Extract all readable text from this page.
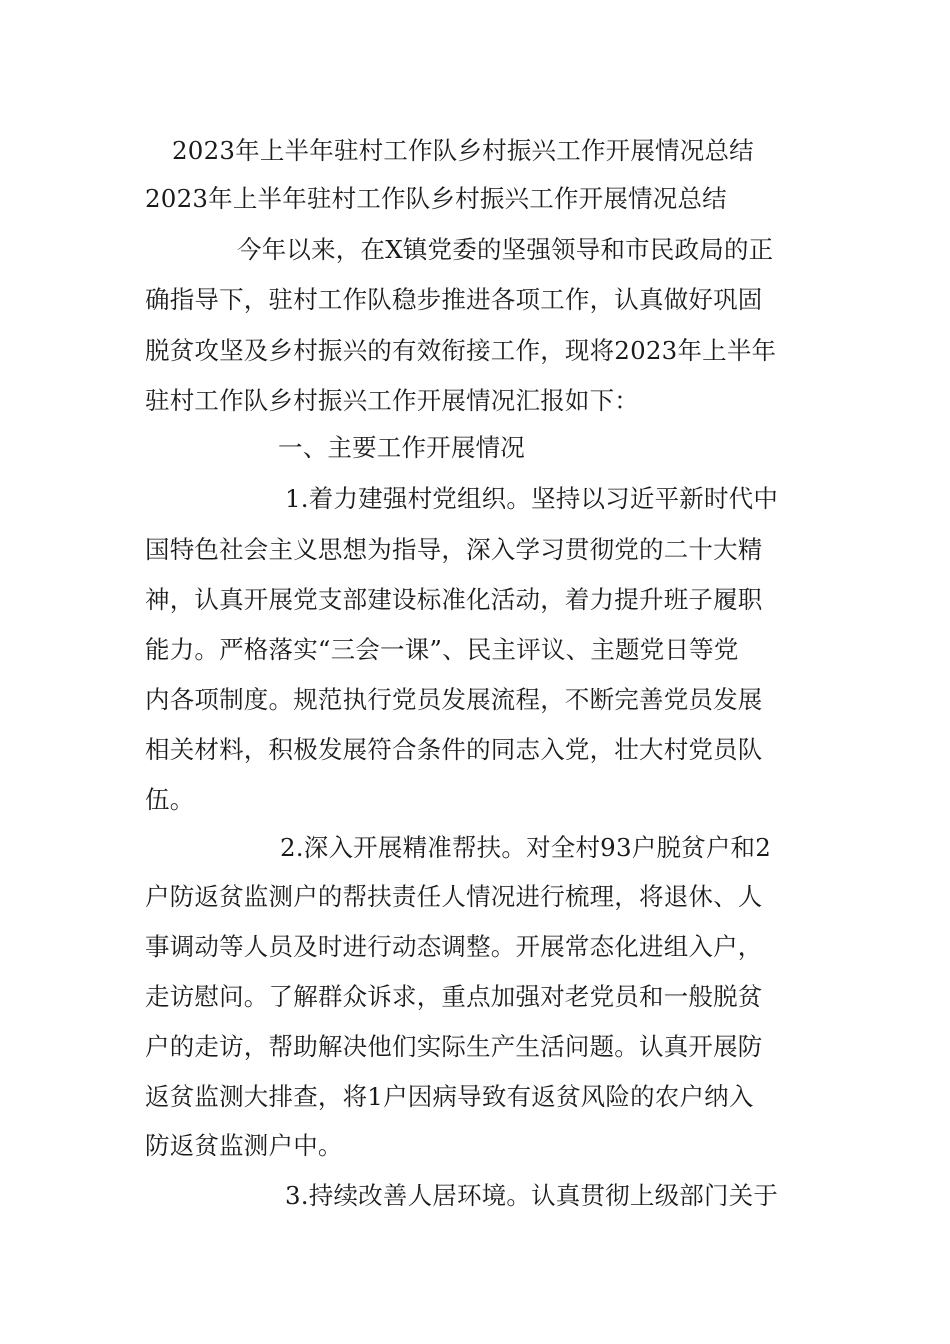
2023年上半年驻村工作队乡村振兴工作开展情况总结
2023年上半年驻村工作队乡村振兴工作开展情况总结
今年以来，在X镇党委的坚强领导和市民政局的正
确指导下，驻村工作队稳步推进各项工作，认真做好巩固
脱贫攻坚及乡村振兴的有效衔接工作，现将2023年上半年
驻村工作队乡村振兴工作开展情况汇报如下：
一、主要工作开展情况
1.着力建强村党组织。坚持以习近平新时代中
国特色社会主义思想为指导，深入学习贯彻党的二十大精
神，认真开展党支部建设标准化活动，着力提升班子履职
能力。严格落实“三会一课”、民主评议、主题党日等党
内各项制度。规范执行党员发展流程，不断完善党员发展
相关材料，积极发展符合条件的同志入党，壮大村党员队
伍。
2.深入开展精准帮扶。对全村93户脱贫户和2
户防返贫监测户的帮扶责任人情况进行梳理，将退休、人
事调动等人员及时进行动态调整。开展常态化进组入户，
走访慰问。了解群众诉求，重点加强对老党员和一般脱贫
户的走访，帮助解决他们实际生产生活问题。认真开展防
返贫监测大排查，将1户因病导致有返贫风险的农户纳入
防返贫监测户中。
3.持续改善人居环境。认真贯彻上级部门关于
